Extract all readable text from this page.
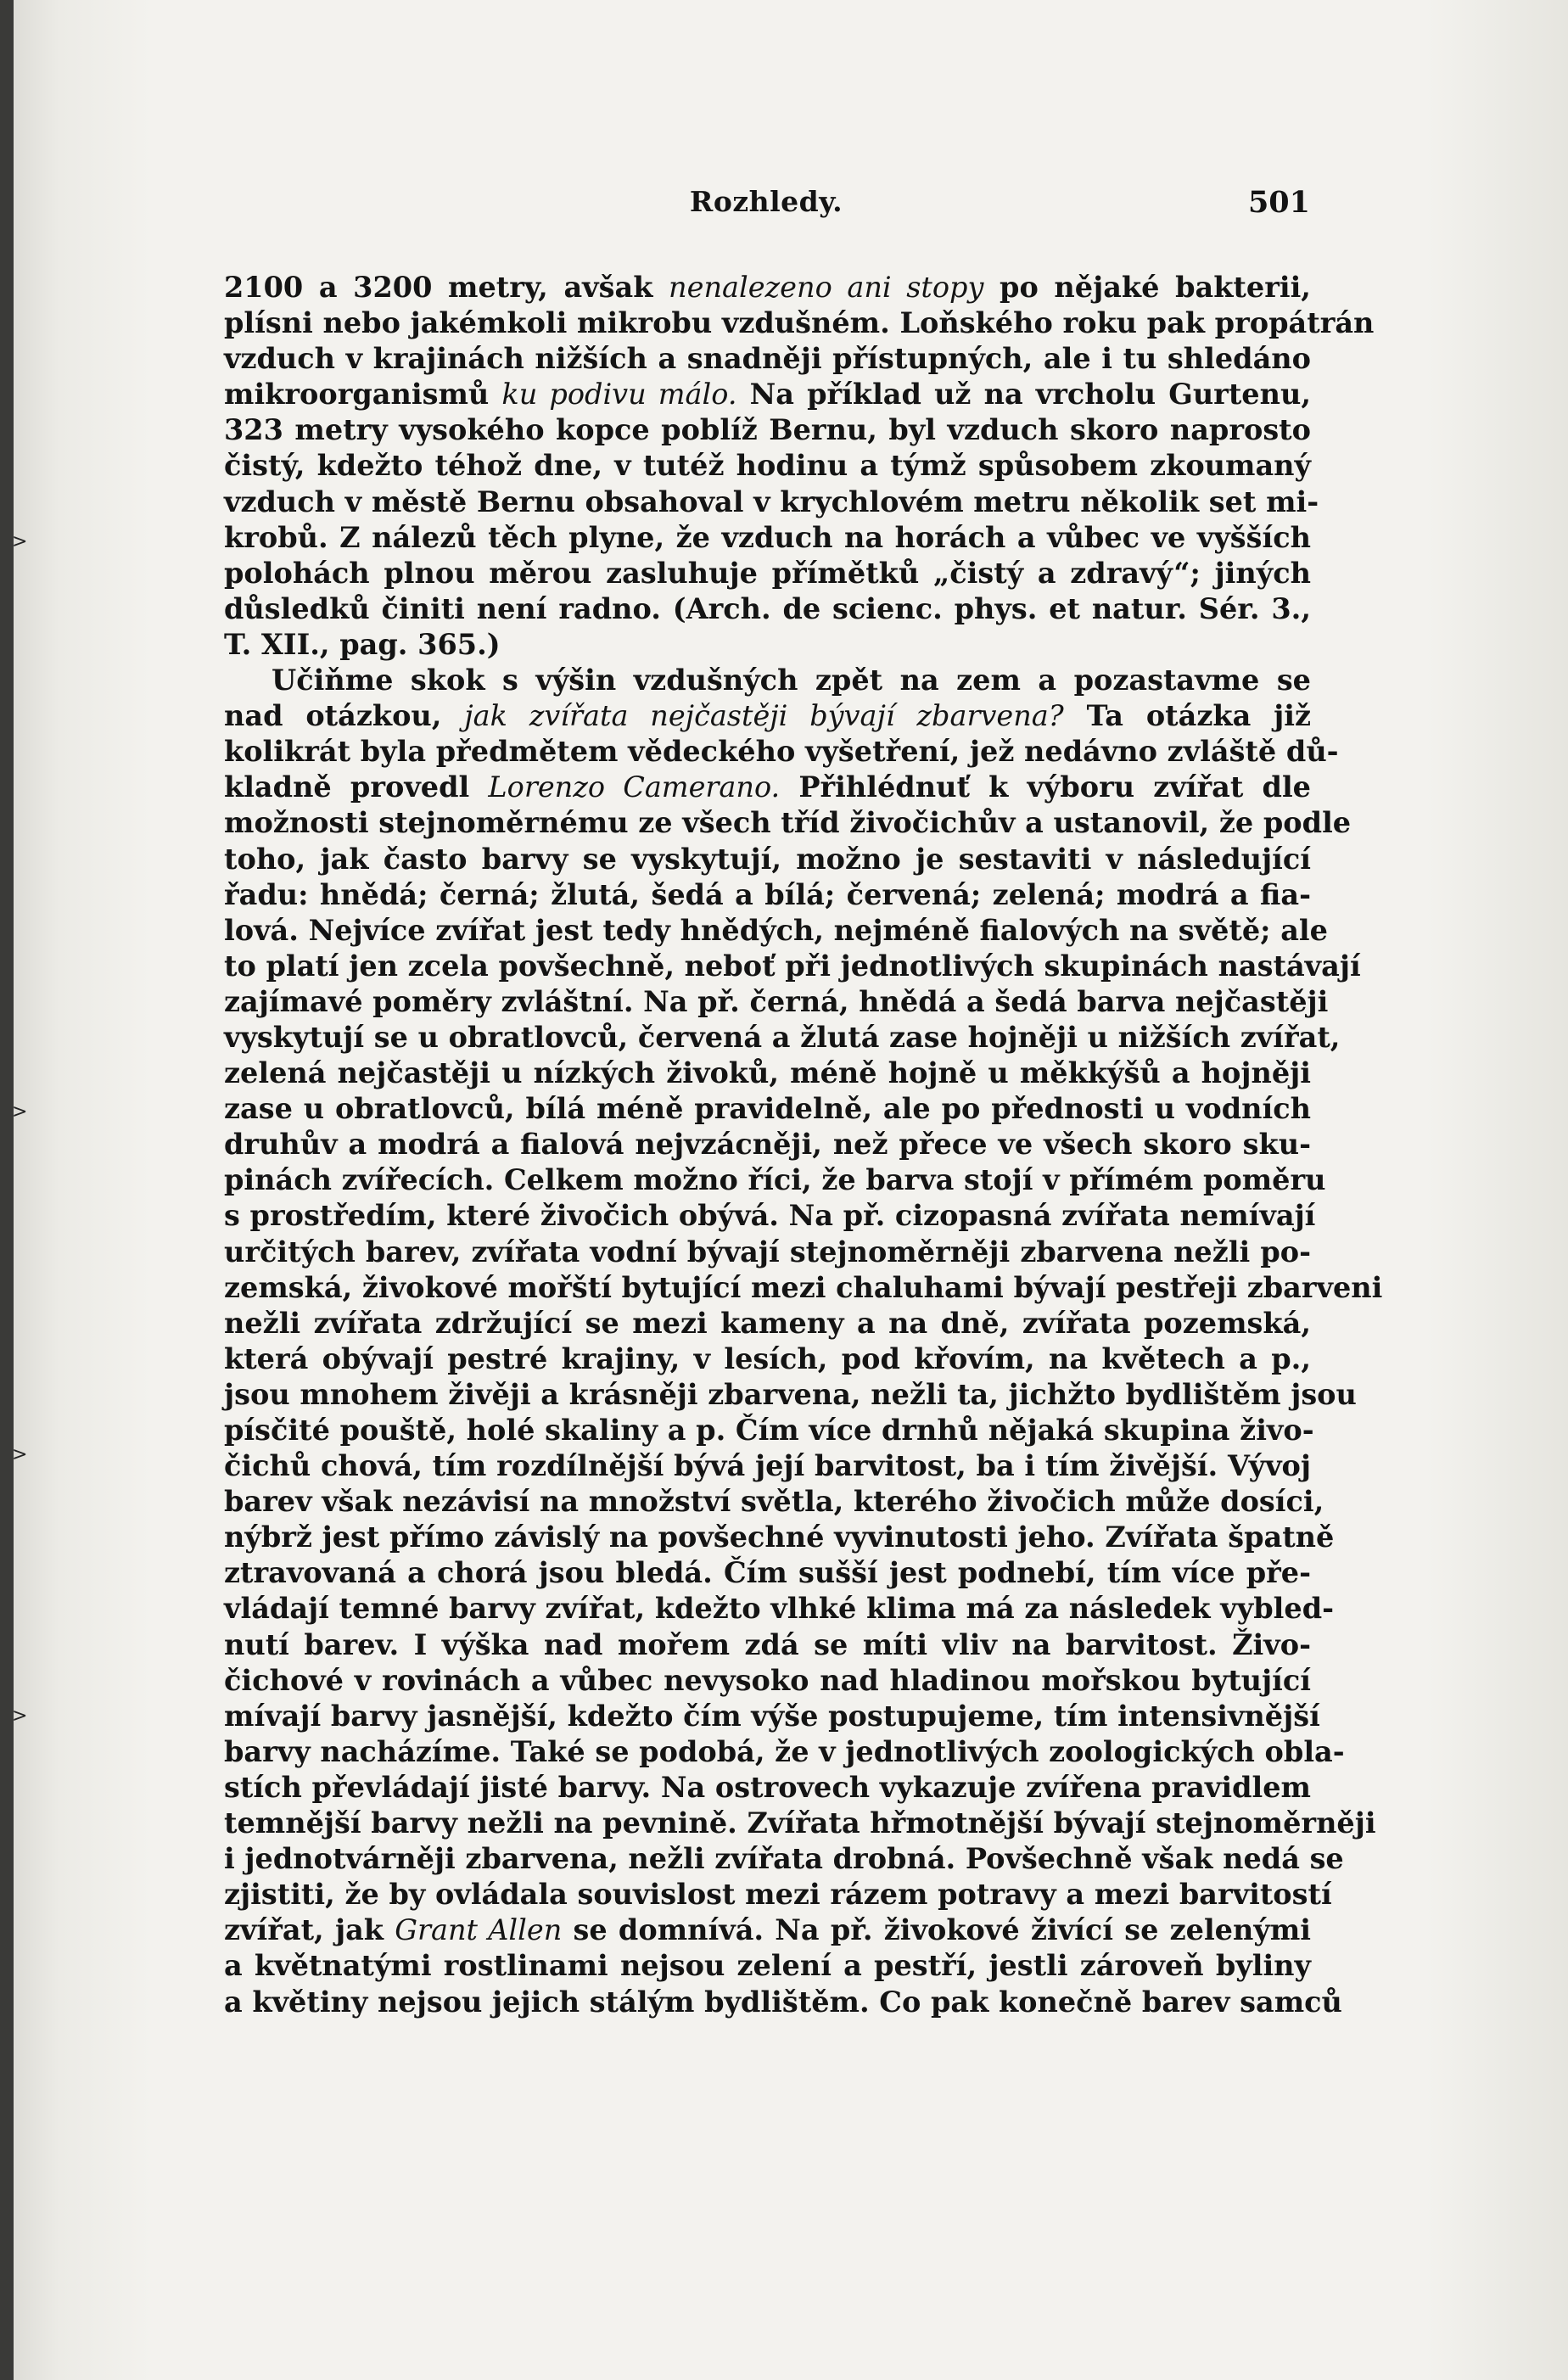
>
>
>
>
Rozhledy.	501
2100 a 3200 metry, avšak nenalezeno ani stopy po nějaké bakterii,
plísni nebo jakémkoli mikrobu vzdušném. Loňského roku pak propátrán
vzduch v krajinách nižších a snadněji přístupných, ale i tu shledáno
mikroorganismů ku podivu málo. Na příklad už na vrcholu Gurtenu,
323 metry vysokého kopce poblíž Bernu, byl vzduch skoro naprosto
čistý, kdežto téhož dne, v tutéž hodinu a týmž spůsobem zkoumaný
vzduch v městě Bernu obsahoval v krychlovém metru několik set mi-
krobů. Z nálezů těch plyne, že vzduch na horách a vůbec ve vyšších
polohách plnou měrou zasluhuje přímětků „čistý a zdravý“; jiných
důsledků činiti není radno. (Arch. de scienc. phys. et natur. Sér. 3.,
T. XII., pag. 365.)
Učiňme skok s výšin vzdušných zpět na zem a pozastavme se
nad otázkou, jak zvířata nejčastěji bývají zbarvena? Ta otázka již
kolikrát byla předmětem vědeckého vyšetření, jež nedávno zvláště dů-
kladně provedl Lorenzo Camerano. Přihlédnuť k výboru zvířat dle
možnosti stejnoměrnému ze všech tříd živočichův a ustanovil, že podle
toho, jak často barvy se vyskytují, možno je sestaviti v následující
řadu: hnědá; černá; žlutá, šedá a bílá; červená; zelená; modrá a fia-
lová. Nejvíce zvířat jest tedy hnědých, nejméně fialových na světě; ale
to platí jen zcela povšechně, neboť při jednotlivých skupinách nastávají
zajímavé poměry zvláštní. Na př. černá, hnědá a šedá barva nejčastěji
vyskytují se u obratlovců, červená a žlutá zase hojněji u nižších zvířat,
zelená nejčastěji u nízkých živoků, méně hojně u měkkýšů a hojněji
zase u obratlovců, bílá méně pravidelně, ale po přednosti u vodních
druhův a modrá a fialová nejvzácněji, než přece ve všech skoro sku-
pinách zvířecích. Celkem možno říci, že barva stojí v přímém poměru
s prostředím, které živočich obývá. Na př. cizopasná zvířata nemívají
určitých barev, zvířata vodní bývají stejnoměrněji zbarvena nežli po-
zemská, živokové mořští bytující mezi chaluhami bývají pestřeji zbarveni
nežli zvířata zdržující se mezi kameny a na dně, zvířata pozemská,
která obývají pestré krajiny, v lesích, pod křovím, na květech a p.,
jsou mnohem živěji a krásněji zbarvena, nežli ta, jichžto bydlištěm jsou
písčité pouště, holé skaliny a p. Čím více drnhů nějaká skupina živo-
čichů chová, tím rozdílnější bývá její barvitost, ba i tím živější. Vývoj
barev však nezávisí na množství světla, kterého živočich může dosíci,
nýbrž jest přímo závislý na povšechné vyvinutosti jeho. Zvířata špatně
ztravovaná a chorá jsou bledá. Čím sušší jest podnebí, tím více pře-
vládají temné barvy zvířat, kdežto vlhké klima má za následek vybled-
nutí barev. I výška nad mořem zdá se míti vliv na barvitost. Živo-
čichové v rovinách a vůbec nevysoko nad hladinou mořskou bytující
mívají barvy jasnější, kdežto čím výše postupujeme, tím intensivnější
barvy nacházíme. Také se podobá, že v jednotlivých zoologických obla-
stích převládají jisté barvy. Na ostrovech vykazuje zvířena pravidlem
temnější barvy nežli na pevnině. Zvířata hřmotnější bývají stejnoměrněji
i jednotvárněji zbarvena, nežli zvířata drobná. Povšechně však nedá se
zjistiti, že by ovládala souvislost mezi rázem potravy a mezi barvitostí
zvířat, jak Grant Allen se domnívá. Na př. živokové živící se zelenými
a květnatými rostlinami nejsou zelení a pestří, jestli zároveň byliny
a květiny nejsou jejich stálým bydlištěm. Co pak konečně barev samců
